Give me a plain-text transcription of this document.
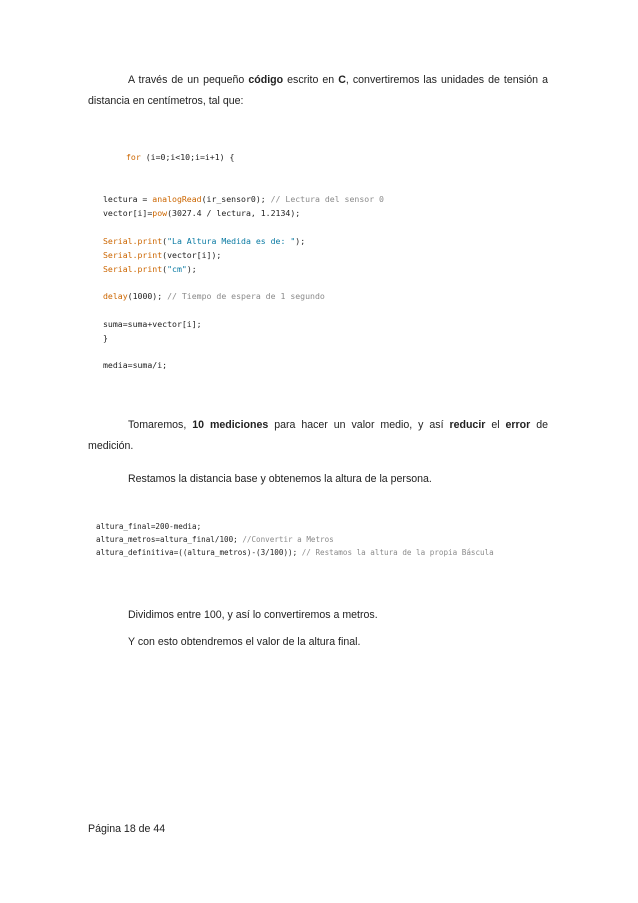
A través de un pequeño código escrito en C, convertiremos las unidades de tensión a distancia en centímetros, tal que:

for (i=0;i<10;i=i+1) {

lectura = analogRead(ir_sensor0); // Lectura del sensor 0

vector[i]=pow(3027.4 / lectura, 1.2134);

Serial.print("La Altura Medida es de: ");

Serial.print(vector[i]);

Serial.print("cm");

delay(1000); // Tiempo de espera de 1 segundo

suma=suma+vector[i];

}

media=suma/i;

Tomaremos, 10 mediciones para hacer un valor medio, y así reducir el error de medición.

Restamos la distancia base y obtenemos la altura de la persona.

altura_final=200-media;

altura_metros=altura_final/100; //Convertir a Metros

altura_definitiva=((altura_metros)-(3/100)); // Restamos la altura de la propia Báscula

Dividimos entre 100, y así lo convertiremos a metros.

Y con esto obtendremos el valor de la altura final.

Página 18 de 44
